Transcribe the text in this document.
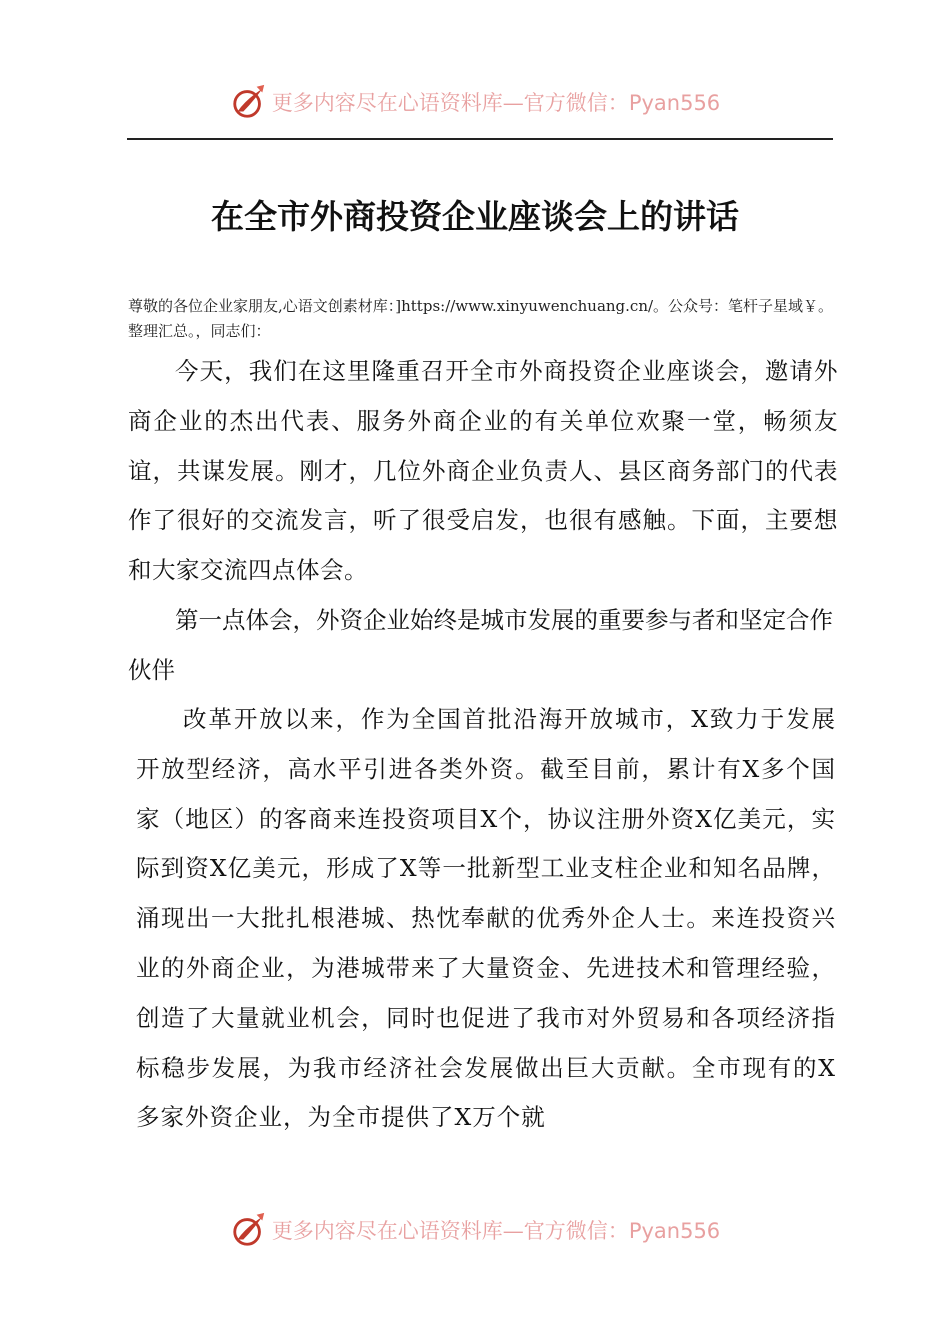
更多内容尽在心语资料库—官方微信：Pyan556
在全市外商投资企业座谈会上的讲话

尊敬的各位企业家朋友,心语文创素材库：]https://www.xinyuwenchuang.cn/。公众号：笔杆子星域￥。整理汇总。，同志们：

今天，我们在这里隆重召开全市外商投资企业座谈会，邀请外商企业的杰出代表、服务外商企业的有关单位欢聚一堂，畅须友谊，共谋发展。刚才，几位外商企业负责人、县区商务部门的代表作了很好的交流发言，听了很受启发，也很有感触。下面，主要想和大家交流四点体会。

第一点体会，外资企业始终是城市发展的重要参与者和坚定合作伙伴

改革开放以来，作为全国首批沿海开放城市，X致力于发展开放型经济，高水平引进各类外资。截至目前，累计有X多个国家（地区）的客商来连投资项目X个，协议注册外资X亿美元，实际到资X亿美元，形成了X等一批新型工业支柱企业和知名品牌，涌现出一大批扎根港城、热忱奉献的优秀外企人士。来连投资兴业的外商企业，为港城带来了大量资金、先进技术和管理经验，创造了大量就业机会，同时也促进了我市对外贸易和各项经济指标稳步发展，为我市经济社会发展做出巨大贡献。全市现有的X多家外资企业，为全市提供了X万个就

更多内容尽在心语资料库—官方微信：Pyan556
